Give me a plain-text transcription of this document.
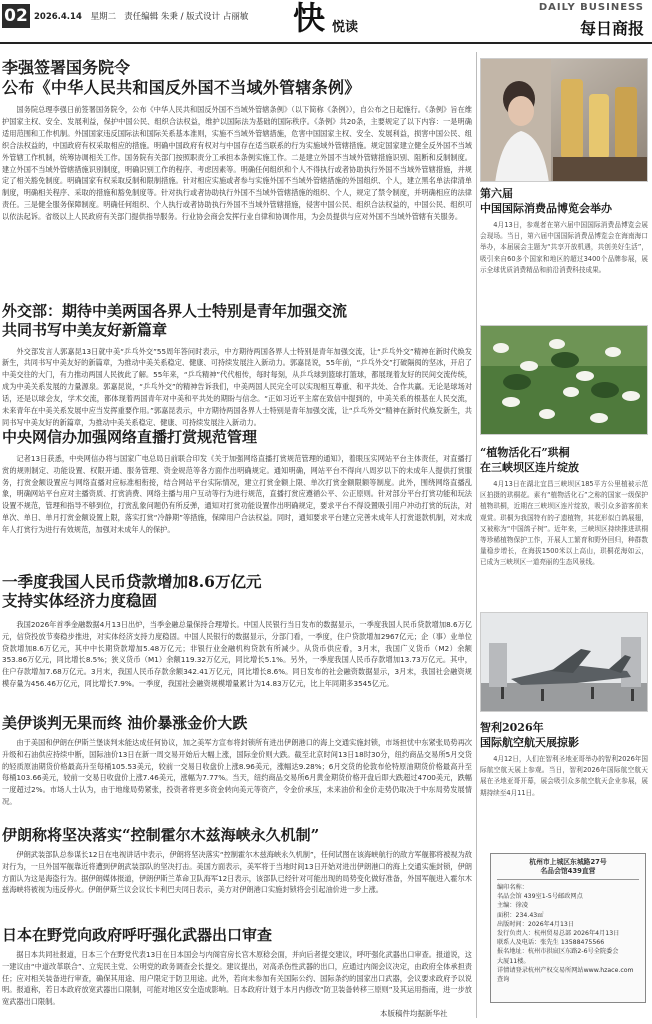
02 2026.4.14 星期二 责任编辑 朱秉 / 版式设计 占丽敏 快 悦读
DAILY BUSINESS
每日商报
李强签署国务院令
公布《中华人民共和国反外国不当域外管辖条例》

国务院总理李强日前签署国务院令，公布《中华人民共和国反外国不当域外管辖条例》（以下简称《条例》），自公布之日起施行。《条例》旨在维护国家主权、安全、发展利益，保护中国公民、组织合法权益，维护以国际法为基础的国际秩序。《条例》共20条，主要规定了以下内容：一是明确适用范围和工作机制。外国国家违反国际法和国际关系基本准则，实施不当域外管辖措施，危害中国国家主权、安全、发展利益，损害中国公民、组织合法权益的，中国政府有权采取相应的措施。明确中国政府有权对与中国存在适当联系的行为实施域外管辖措施。规定国家建立健全反外国不当域外管辖工作机制，统筹协调相关工作。国务院有关部门按照职责分工承担本条例实施工作。二是建立外国不当域外管辖措施识别、阻断和反制制度。建立外国不当域外管辖措施识别制度，明确识别工作的程序、考虑因素等。明确任何组织和个人不得执行或者协助执行外国不当域外管辖措施，并规定了相关豁免制度。明确国家有权采取反制和限制措施。针对相应实施或者参与实施外国不当域外管辖措施的外国组织、个人，建立黑名单法律清单制度，明确相关程序、采取的措施和豁免制度等。针对执行或者协助执行外国不当域外管辖措施的组织、个人，规定了禁令制度，并明确相应的法律责任。三是健全服务保障制度。明确任何组织、个人执行或者协助执行外国不当域外管辖措施，侵害中国公民、组织合法权益的，中国公民、组织可以依法起诉。省级以上人民政府有关部门提供指导服务。行业协会商会发挥行业自律和协调作用，为会员提供与应对外国不当域外管辖有关服务。

外交部：期待中美两国各界人士特别是青年加强交流
共同书写中美友好新篇章

外交部发言人郭嘉昆13日就中美“乒乓外交”55周年答问时表示，中方期待两国各界人士特别是青年加强交流，让“乒乓外交”精神在新时代焕发新生，共同书写中美友好的新篇章，为推动中美关系稳定、健康、可持续发展注入新动力。郭嘉昆说，55年前，“乒乓外交”打破隔阂的坚冰，开启了中美交往的大门，有力推动两国人民彼此了解。55年来，“乒乓精神”代代相传，每时每刻，从乒乓球到篮球打篮球，都展现着友好的民间交流传统，成为中美关系发展的力量源泉。郭嘉昆说，“乒乓外交”的精神告诉我们，中美两国人民完全可以实现相互尊重、和平共处、合作共赢。无论是球场对话，还是以球会友，学术交流，都体现着两国青年对中美和平共处的期盼与信念。“正如习近平主席在致信中提到的，中美关系的根基在人民交流，未来青年在中美关系发展中应当发挥重要作用。”郭嘉昆表示，中方期待两国各界人士特别是青年加强交流，让“乒乓外交”精神在新时代焕发新生，共同书写中美友好的新篇章，为推动中美关系稳定、健康、可持续发展注入新动力。

中央网信办加强网络直播打赏规范管理

记者13日获悉，中央网信办将与国家广电总局日前联合印发《关于加强网络直播打赏规范管理的通知》，着眼压实网站平台主体责任，对直播打赏的规则制定、功能设置、权限开通、服务管理、资金规范等各方面作出明确规定。通知明确，网站平台不得向八周岁以下的未成年人提供打赏服务，打赏金额设置应与网络直播对应标准相衔接，结合网站平台实际情况，建立打赏金额上限、单次打赏金额限额等制度。此外，围绕网络直播乱象，明确网站平台应对主播资质、打赏消费、网络主播与用户互动等行为进行规范，直播打赏应遵循公平、公正原则。针对部分平台打赏功能和玩法设置不规范，管理和指导不够到位，打赏乱象问题仍有所反弹，通知对打赏功能设置作出明确规定，要求平台不得设置吸引用户冲动打赏的玩法，对单次、单日、单月打赏金额设置上限，落实打赏“冷静期”等措施，保障用户合法权益。同时，通知要求平台建立完善未成年人打赏退款机制，对未成年人打赏行为进行有效规范，加强对未成年人的保护。

一季度我国人民币贷款增加8.6万亿元
支持实体经济力度稳固

我国2026年首季金融数据4月13日出炉，当季金融总量保持合理增长。中国人民银行当日发布的数据显示，一季度我国人民币贷款增加8.6万亿元，信贷投放节奏稳步推进，对实体经济支持力度稳固。中国人民银行的数据显示，分部门看，一季度，住户贷款增加2967亿元；企（事）业单位贷款增加8.6万亿元，其中中长期贷款增加5.48万亿元；非银行业金融机构贷款有所减少。从货币供应看，3月末，我国广义货币（M2）余额353.86万亿元，同比增长8.5%；狭义货币（M1）余额119.32万亿元，同比增长5.1%。另外，一季度我国人民币存款增加13.73万亿元。其中，住户存款增加7.68万亿元。3月末，我国人民币存款余额342.41万亿元，同比增长8.6%。同日发布的社会融资数据显示，3月末，我国社会融资规模存量为456.46万亿元，同比增长7.9%。一季度，我国社会融资规模增量累计为14.83万亿元，比上年同期多3545亿元。

美伊谈判无果而终 油价暴涨金价大跌

由于美国和伊朗在伊斯兰堡谈判未能达成任何协议，加之美军方宣布将封锁所有进出伊朗港口的海上交通实施封锁，市场担忧中东紧张局势再次升级和石油供应持续中断，国际油价13日在新一周交易开始后大幅上涨，国际金价则大跌。截至北京时间13日18时30分，纽约商品交易所5月交货的轻质原油期货价格最高升至每桶105.53美元，较前一交易日收盘价上涨8.96美元，涨幅达9.28%；6月交货的伦敦布伦特原油期货价格最高升至每桶103.66美元，较前一交易日收盘价上涨7.46美元，涨幅为7.77%。当天，纽约商品交易所6月黄金期货价格开盘后即大跌超过4700美元，跌幅一度超过2%。市场人士认为，由于地缘局势紧张，投资者将更多资金转向美元等资产，令金价承压，未来油价和金价走势仍取决于中东局势发展情况。

伊朗称将坚决落实“控制霍尔木兹海峡永久机制”

伊朗武装部队总参谋长12日在电视讲话中表示，伊朗将坚决落实“控制霍尔木兹海峡永久机制”，任何试图在该海峡航行的敌方军舰都将被视为敌对行为，一旦外国军舰靠近将遭到伊朗武装部队的坚决打击。美国方面表示，美军将于当地时间13日开始对进出伊朗港口的海上交通实施封锁，伊朗方面认为这是海盗行为。据伊朗媒体报道，伊朗伊斯兰革命卫队海军12日表示，该部队已经针对可能出现的局势变化做好准备，外国军舰进入霍尔木兹海峡将被视为违反停火。伊朗伊斯兰议会议长卡利巴夫同日表示，美方对伊朗港口实施封锁将会引起油价进一步上涨。

日本在野党向政府呼吁强化武器出口审查

据日本共同社报道，日本三个在野党代表13日在日本国会与内阁官房长官木原稔会面，并向后者提交建议，呼吁强化武器出口审查。报道说，这一建议由“中道改革联合”、立宪民主党、公明党的政务调查会长提交。建议提出，对高杀伤性武器的出口，应通过内阁会议决定，由政府全体承担责任；应对相关装备进行审查，确保其用途、用户限定于防卫用途。此外，若向未参加有关国际公约、国际条约的国家出口武器，会议要求政府予以说明。报道称，若日本政府放宽武器出口限制，可能对地区安全造成影响。日本政府计划于本月内修改“防卫装备转移三原则”及其运用指南，进一步放宽武器出口限制。

本版稿件均据新华社
第六届
中国国际消费品博览会举办

4月13日，参观者在第六届中国国际消费品博览会展会现场。当日，第六届中国国际消费品博览会在海南海口举办，本届展会主题为“共享开放机遇，共创美好生活”，吸引来自60多个国家和地区的超过3400个品牌参展，展示全球优质消费精品和前沿消费科技成果。

“植物活化石”珙桐
在三峡坝区连片绽放

4月13日在湖北宜昌三峡坝区185平方公里植被示范区拍摄的珙桐花。素有“植物活化石”之称的国家一级保护植物珙桐，近期在三峡坝区连片绽放，吸引众多游客前来观赏。珙桐为我国特有的孑遗植物，其花形似白鸽展翅，又被称为“中国鸽子树”。近年来，三峡坝区持续推进珙桐等珍稀植物保护工作，开展人工繁育和野外回归，种群数量稳步增长，在海拔1500米以上高山，珙桐花海如云，已成为三峡坝区一道亮丽的生态风景线。

智利2026年
国际航空航天展掠影

4月12日，人们在智利圣地亚哥举办的智利2026年国际航空航天展上参观。当日，智利2026年国际航空航天展在圣地亚哥开幕，展会吸引众多航空航天企业参展，展期持续至4月11日。

杭州市上城区东城路27号
名品会馆439直营
编印名称：
名品会馆 439室1-5号邮政网点
主编：徐凌
面积：234.43㎡
出版时间：2026年4月13日
发行负责人：杭州贸易总部 2026年4月13日
联系人及电话：张先生 13588475566
报名地址：杭州市拱宸区东路2-6号全院委会
大厦11楼。
详情请登录杭州产权交易所网站www.hzace.com查询
